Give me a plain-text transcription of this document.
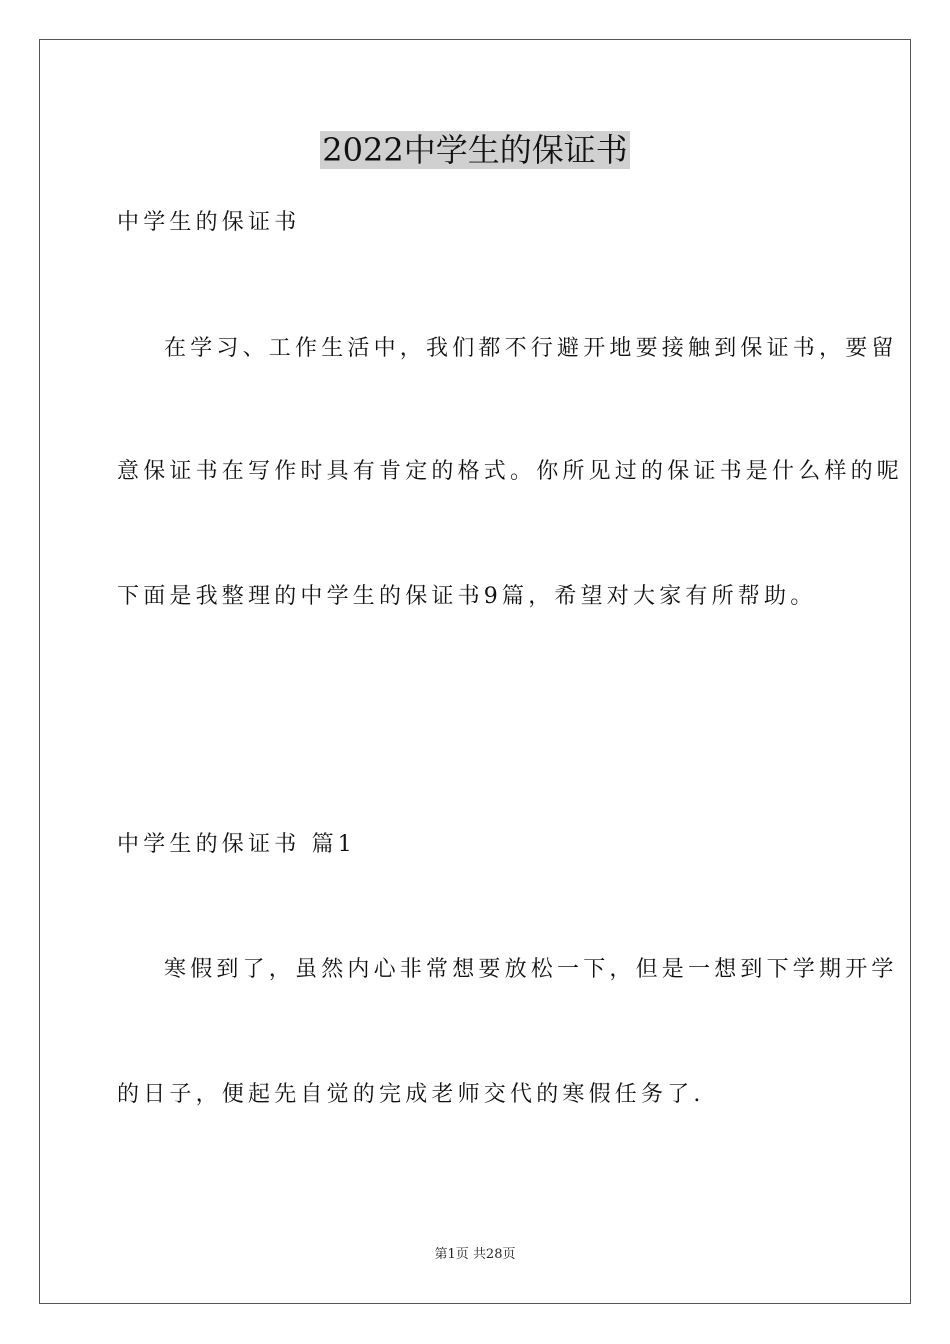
2022中学生的保证书
中学生的保证书
在学习、工作生活中，我们都不行避开地要接触到保证书，要留
意保证书在写作时具有肯定的格式。你所见过的保证书是什么样的呢
下面是我整理的中学生的保证书9篇，希望对大家有所帮助。
中学生的保证书 篇1
寒假到了，虽然内心非常想要放松一下，但是一想到下学期开学
的日子，便起先自觉的完成老师交代的寒假任务了.
第1页 共28页
